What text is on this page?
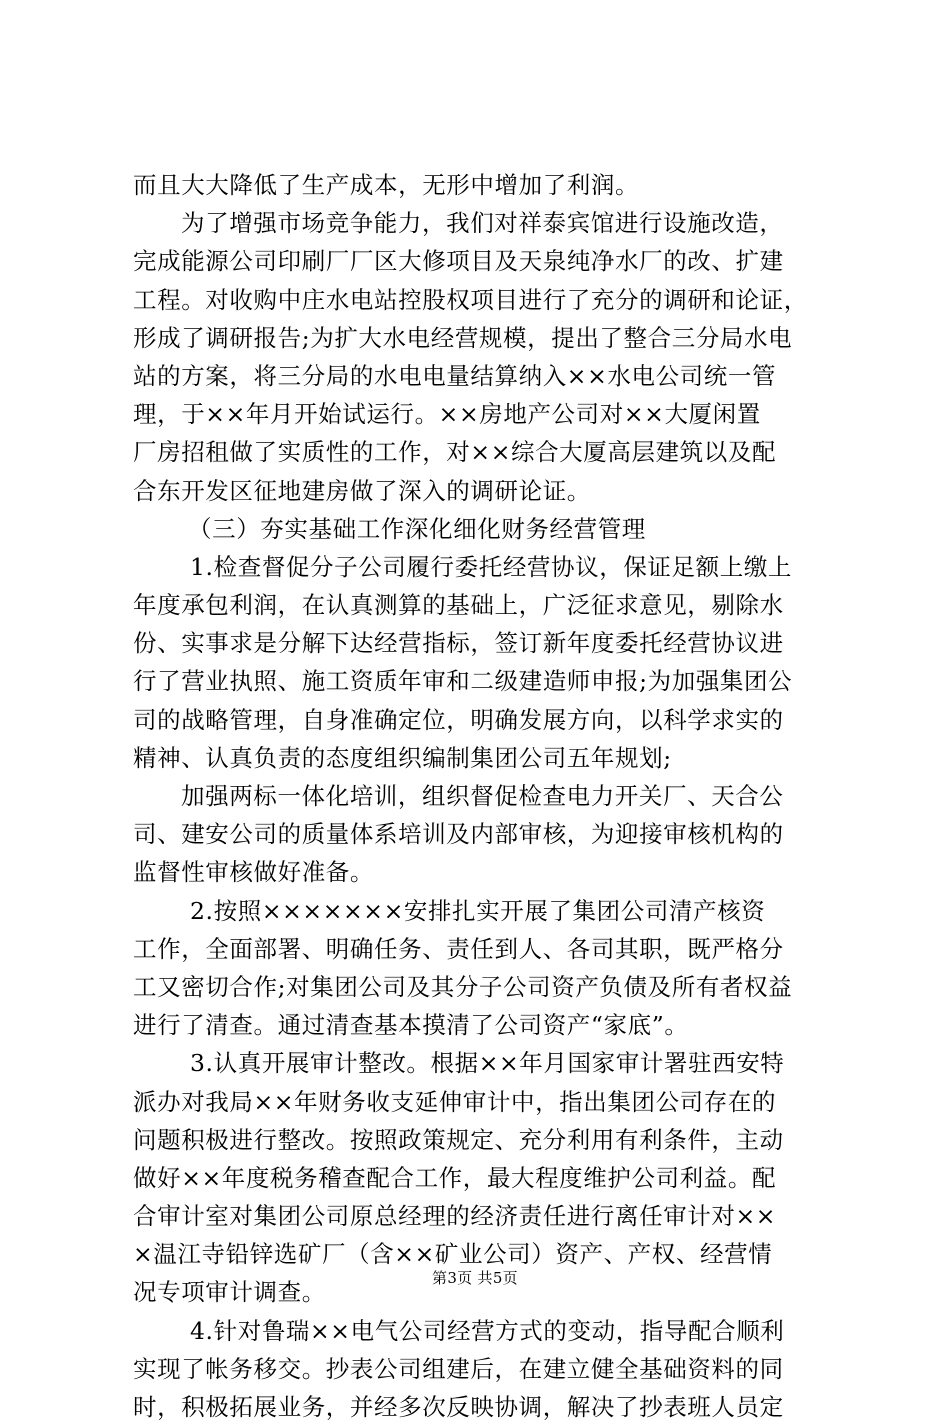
而且大大降低了生产成本，无形中增加了利润。
为了增强市场竞争能力，我们对祥泰宾馆进行设施改造，
完成能源公司印刷厂厂区大修项目及天泉纯净水厂的改、扩建
工程。对收购中庄水电站控股权项目进行了充分的调研和论证，
形成了调研报告;为扩大水电经营规模，提出了整合三分局水电
站的方案，将三分局的水电电量结算纳入××水电公司统一管
理，于××年月开始试运行。××房地产公司对××大厦闲置
厂房招租做了实质性的工作，对××综合大厦高层建筑以及配
合东开发区征地建房做了深入的调研论证。
（三）夯实基础工作深化细化财务经营管理
1.检查督促分子公司履行委托经营协议，保证足额上缴上
年度承包利润，在认真测算的基础上，广泛征求意见，剔除水
份、实事求是分解下达经营指标，签订新年度委托经营协议进
行了营业执照、施工资质年审和二级建造师申报;为加强集团公
司的战略管理，自身准确定位，明确发展方向，以科学求实的
精神、认真负责的态度组织编制集团公司五年规划;
加强两标一体化培训，组织督促检查电力开关厂、天合公
司、建安公司的质量体系培训及内部审核，为迎接审核机构的
监督性审核做好准备。
2.按照×××××××安排扎实开展了集团公司清产核资
工作，全面部署、明确任务、责任到人、各司其职，既严格分
工又密切合作;对集团公司及其分子公司资产负债及所有者权益
进行了清查。通过清查基本摸清了公司资产“家底”。
3.认真开展审计整改。根据××年月国家审计署驻西安特
派办对我局××年财务收支延伸审计中，指出集团公司存在的
问题积极进行整改。按照政策规定、充分利用有利条件，主动
做好××年度税务稽查配合工作，最大程度维护公司利益。配
合审计室对集团公司原总经理的经济责任进行离任审计对××
×温江寺铅锌选矿厂（含××矿业公司）资产、产权、经营情
况专项审计调查。
4.针对鲁瑞××电气公司经营方式的变动，指导配合顺利
实现了帐务移交。抄表公司组建后，在建立健全基础资料的同
时，积极拓展业务，并经多次反映协调，解决了抄表班人员定
第3页 共5页
